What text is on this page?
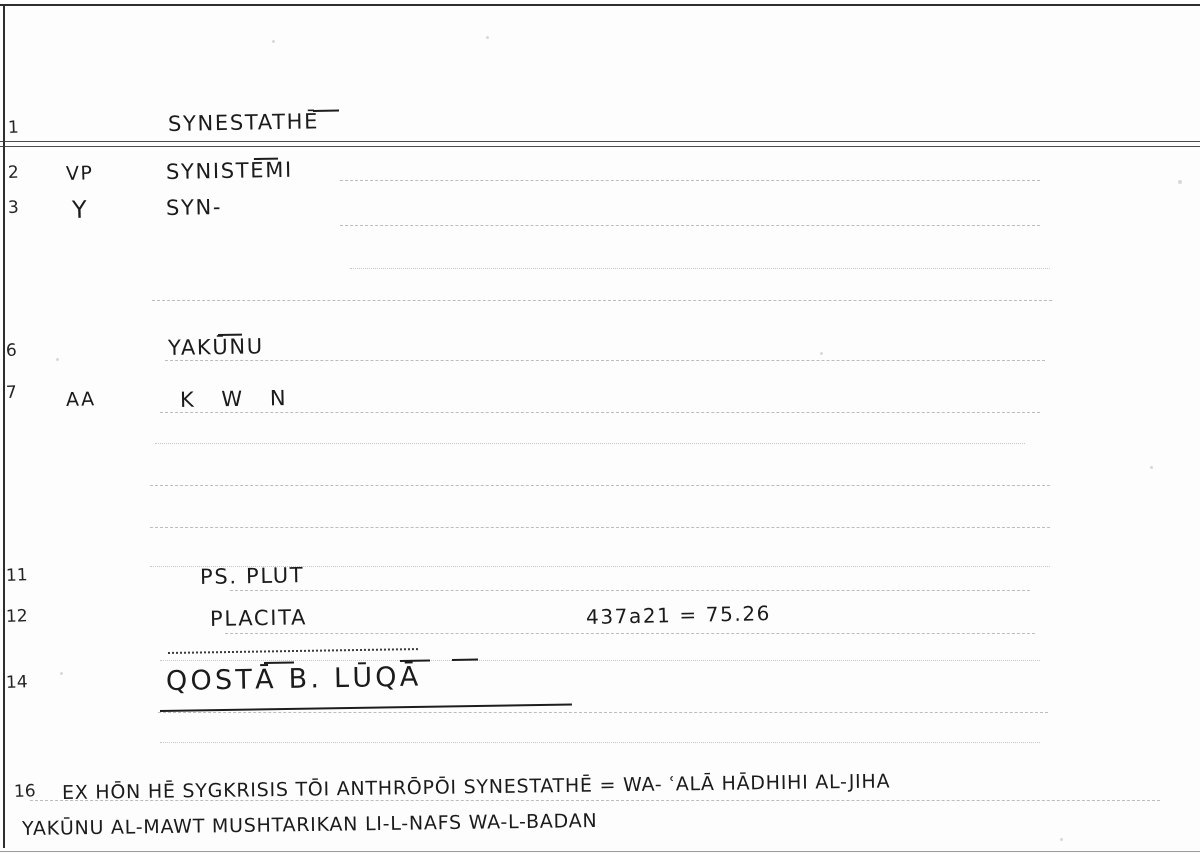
1
2
3
6
7
11
12
14
16
VP
Y
AA
SYNESTATHĒ
SYNISTĒMI
SYN-
YAKŪNU
K W N
PS. PLUT
PLACITA	437a21 = 75.26
QOSTĀ B. LŪQĀ
EX HŌN HĒ SYGKRISIS TŌI ANTHRŌPŌI SYNESTATHĒ = WA- ʿALĀ HĀDHIHI AL-JIHA
YAKŪNU AL-MAWT MUSHTARIKAN LI-L-NAFS WA-L-BADAN
